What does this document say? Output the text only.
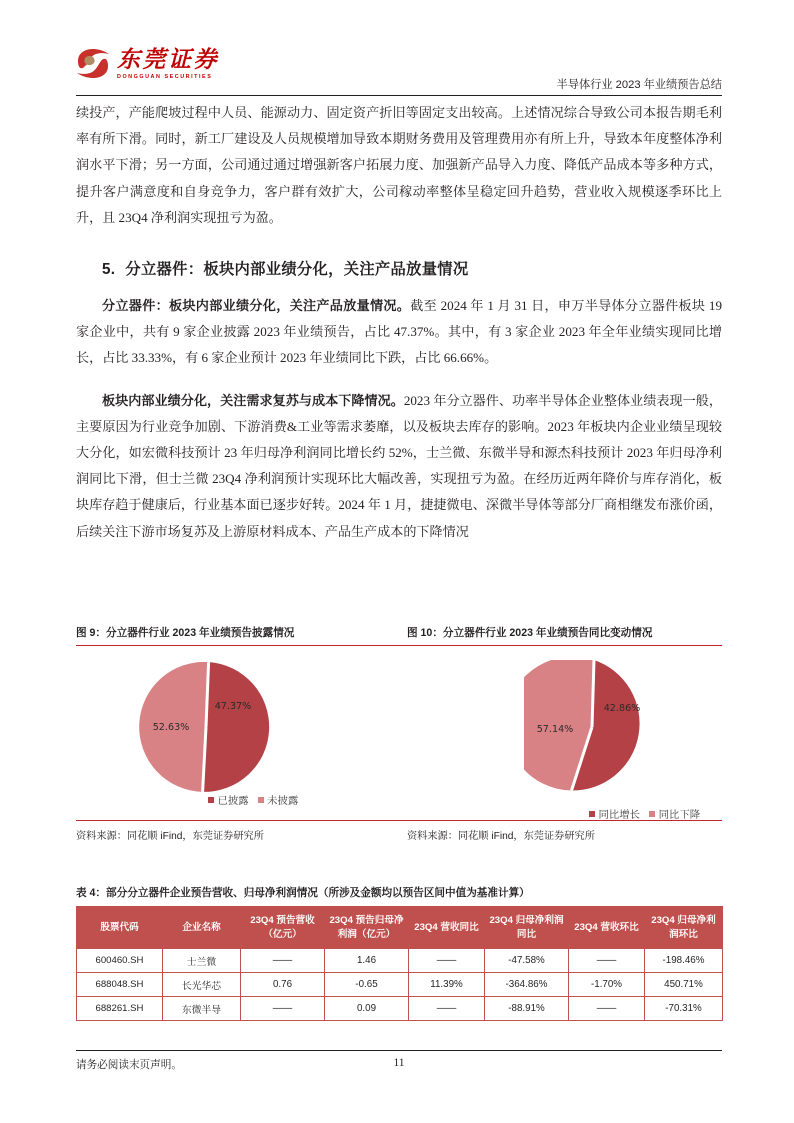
东莞证券
DONGGUAN SECURITIES
半导体行业 2023 年业绩预告总结

续投产，产能爬坡过程中人员、能源动力、固定资产折旧等固定支出较高。上述情况综合导致公司本报告期毛利率有所下滑。同时，新工厂建设及人员规模增加导致本期财务费用及管理费用亦有所上升，导致本年度整体净利润水平下滑；另一方面，公司通过通过增强新客户拓展力度、加强新产品导入力度、降低产品成本等多种方式，提升客户满意度和自身竞争力，客户群有效扩大，公司稼动率整体呈稳定回升趋势，营业收入规模逐季环比上升，且 23Q4 净利润实现扭亏为盈。

5. 分立器件：板块内部业绩分化，关注产品放量情况

分立器件：板块内部业绩分化，关注产品放量情况。截至 2024 年 1 月 31 日，申万半导体分立器件板块 19 家企业中，共有 9 家企业披露 2023 年业绩预告，占比 47.37%。其中，有 3 家企业 2023 年全年业绩实现同比增长，占比 33.33%，有 6 家企业预计 2023 年业绩同比下跌，占比 66.66%。

板块内部业绩分化，关注需求复苏与成本下降情况。2023 年分立器件、功率半导体企业整体业绩表现一般，主要原因为行业竞争加剧、下游消费&工业等需求萎靡，以及板块去库存的影响。2023 年板块内企业业绩呈现较大分化，如宏微科技预计 23 年归母净利润同比增长约 52%，士兰微、东微半导和源杰科技预计 2023 年归母净利润同比下滑，但士兰微 23Q4 净利润预计实现环比大幅改善，实现扭亏为盈。在经历近两年降价与库存消化，板块库存趋于健康后，行业基本面已逐步好转。2024 年 1 月，捷捷微电、深微半导体等部分厂商相继发布涨价函，后续关注下游市场复苏及上游原材料成本、产品生产成本的下降情况

图 9：分立器件行业 2023 年业绩预告披露情况	图 10：分立器件行业 2023 年业绩预告同比变动情况
47.37%
52.63%
已披露 未披露
42.86%
57.14%
同比增长 同比下降
资料来源：同花顺 iFind，东莞证券研究所	资料来源：同花顺 iFind，东莞证券研究所
表 4：部分分立器件企业预告营收、归母净利润情况（所涉及金额均以预告区间中值为基准计算）
股票代码	企业名称	23Q4 预告营收（亿元）	23Q4 预告归母净利润（亿元）	23Q4 营收同比	23Q4 归母净利润同比	23Q4 营收环比	23Q4 归母净利润环比
600460.SH	士兰微	——	1.46	——	-47.58%	——	-198.46%
688048.SH	长光华芯	0.76	-0.65	11.39%	-364.86%	-1.70%	450.71%
688261.SH	东微半导	——	0.09	——	-88.91%	——	-70.31%
请务必阅读末页声明。	11
